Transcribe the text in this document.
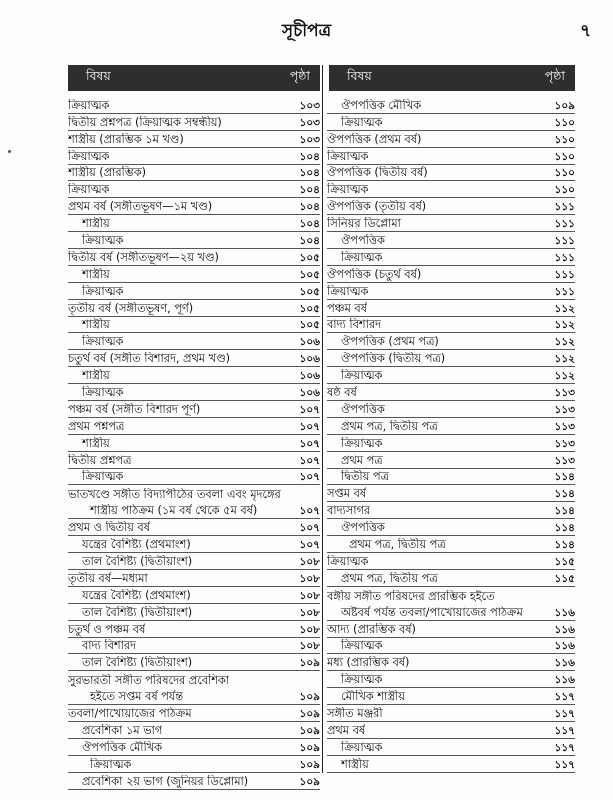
সূচীপত্র	৭
বিষয়	পৃষ্ঠা
ক্রিয়াত্মক	১০৩
দ্বিতীয় প্রশ্নপত্র (ক্রিয়াত্মক সম্বন্ধীয়)	১০৩
শাস্ত্রীয় (প্রারম্ভিক ১ম খণ্ড)	১০৩
ক্রিয়াত্মক	১০৪
শাস্ত্রীয় (প্রারম্ভিক)	১০৪
ক্রিয়াত্মক	১০৪
প্রথম বর্ষ (সঙ্গীতভূষণ—১ম খণ্ড)	১০৪
শাস্ত্রীয়	১০৪
ক্রিয়াত্মক	১০৪
দ্বিতীয় বর্ষ (সঙ্গীতভূষণ—২য় খণ্ড)	১০৫
শাস্ত্রীয়	১০৫
ক্রিয়াত্মক	১০৫
তৃতীয় বর্ষ (সঙ্গীতভূষণ, পূর্ণ)	১০৫
শাস্ত্রীয়	১০৫
ক্রিয়াত্মক	১০৬
চতুর্থ বর্ষ (সঙ্গীত বিশারদ, প্রথম খণ্ড)	১০৬
শাস্ত্রীয়	১০৬
ক্রিয়াত্মক	১০৬
পঞ্চম বর্ষ (সঙ্গীত বিশারদ পূর্ণ)	১০৭
প্রথম পশ্নপত্র	১০৭
শাস্ত্রীয়	১০৭
দ্বিতীয় প্রশ্নপত্র	১০৭
ক্রিয়াত্মক	১০৭
ভাতখণ্ডে সঙ্গীত বিদ্যাপীঠের তবলা এবং মৃদঙ্গের
শাস্ত্রীয় পাঠক্রম (১ম বর্ষ থেকে ৫ম বর্ষ)	১০৭
প্রথম ও দ্বিতীয় বর্ষ	১০৭
যন্ত্রের বৈশিষ্ট্য (প্রথমাংশ)	১০৭
তাল বৈশিষ্ট্য (দ্বিতীয়াংশ)	১০৮
তৃতীয় বর্ষ—মধ্যমা	১০৮
যন্ত্রের বৈশিষ্ট্য (প্রথমাংশ)	১০৮
তাল বৈশিষ্ট্য (দ্বিতীয়াংশ)	১০৮
চতুর্থ ও পঞ্চম বর্ষ	১০৮
বাদ্য বিশারদ	১০৮
তাল বৈশিষ্ট্য (দ্বিতীয়াংশ)	১০৯
সুরভারতী সঙ্গীত পরিষদের প্রবেশিকা
হইতে সপ্তম বর্ষ পর্যন্ত	১০৯
তবলা/পাখোয়াজের পাঠক্রম	১০৯
প্রবেশিকা ১ম ভাগ	১০৯
ঔপপত্তিক মৌখিক	১০৯
ক্রিয়াত্মক	১০৯
প্রবেশিকা ২য় ভাগ (জুনিয়র ডিপ্লোমা)	১০৯
বিষয়	পৃষ্ঠা
ঔপপত্তিক মৌখিক	১০৯
ক্রিয়াত্মক	১১০
ঔপপত্তিক (প্রথম বর্ষ)	১১০
ক্রিয়াত্মক	১১০
ঔপপত্তিক (দ্বিতীয় বর্ষ)	১১০
ক্রিয়াত্মক	১১০
ঔপপত্তিক (তৃতীয় বর্ষ)	১১১
সিনিয়র ডিপ্লোমা	১১১
ঔপপত্তিক	১১১
ক্রিয়াত্মক	১১১
ঔপপত্তিক (চতুর্থ বর্ষ)	১১১
ক্রিয়াত্মক	১১১
পঞ্চম বর্ষ	১১২
বাদ্য বিশারদ	১১২
ঔপপত্তিক (প্রথম পত্র)	১১২
ঔপপত্তিক (দ্বিতীয় পত্র)	১১২
ক্রিয়াত্মক	১১২
ষষ্ঠ বর্ষ	১১৩
ঔপপত্তিক	১১৩
প্রথম পত্র, দ্বিতীয় পত্র	১১৩
ক্রিয়াত্মক	১১৩
প্রথম পত্র	১১৩
দ্বিতীয় পত্র	১১৪
সপ্তম বর্ষ	১১৪
বাদ্যসাগর	১১৪
ঔপপত্তিক	১১৪
প্রথম পত্র, দ্বিতীয় পত্র	১১৪
ক্রিয়াত্মক	১১৫
প্রথম পত্র, দ্বিতীয় পত্র	১১৫
বঙ্গীয় সঙ্গীত পরিষদের প্রারম্ভিক হইতে
অষ্টবর্ষ পর্যন্ত তবলা/পাখোয়াজের পাঠক্রম	১১৬
আদ্য (প্রারম্ভিক বর্ষ)	১১৬
ক্রিয়াত্মক	১১৬
মধ্য (প্রারম্ভিক বর্ষ)	১১৬
ক্রিয়াত্মক	১১৬
মৌখিক শাস্ত্রীয়	১১৭
সঙ্গীত মঞ্জরী	১১৭
প্রথম বর্ষ	১১৭
ক্রিয়াত্মক	১১৭
শাস্ত্রীয়	১১৭
